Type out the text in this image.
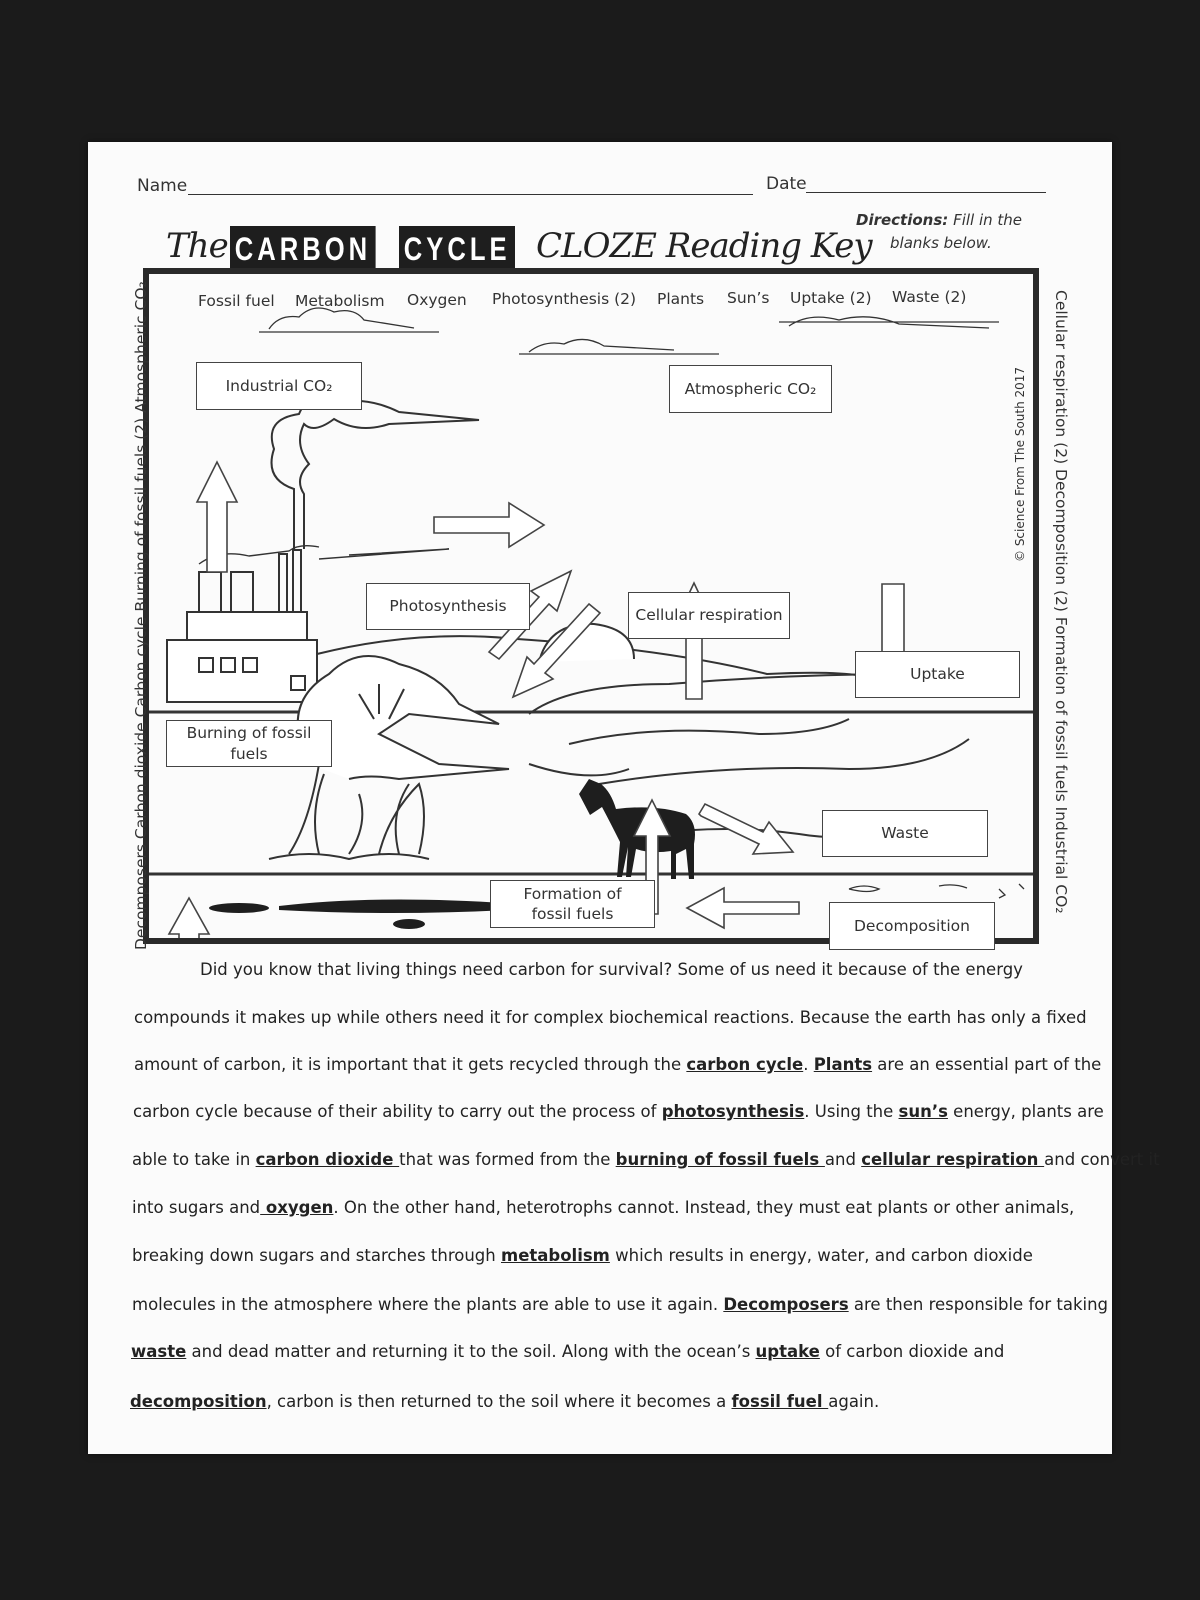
Name	Date
Directions: Fill in the
blanks below.
The CARBON CYCLE CLOZE Reading Key
Fossil fuel Metabolism Oxygen Photosynthesis (2) Plants Sun’s Uptake (2) Waste (2)
Decomposers Carbon dioxide Carbon cycle Burning of fossil fuels (2) Atmospheric CO₂	Cellular respiration (2) Decomposition (2) Formation of fossil fuels Industrial CO₂
© Science From The South 2017
Industrial CO₂	Atmospheric CO₂
Photosynthesis	Cellular respiration
Uptake
Burning of fossil fuels
Waste
Formation of fossil fuels
Decomposition
Did you know that living things need carbon for survival? Some of us need it because of the energy
compounds it makes up while others need it for complex biochemical reactions. Because the earth has only a fixed
amount of carbon, it is important that it gets recycled through the carbon cycle. Plants are an essential part of the
carbon cycle because of their ability to carry out the process of photosynthesis. Using the sun’s energy, plants are
able to take in carbon dioxide that was formed from the burning of fossil fuels and cellular respiration and convert it
into sugars and oxygen. On the other hand, heterotrophs cannot. Instead, they must eat plants or other animals,
breaking down sugars and starches through metabolism which results in energy, water, and carbon dioxide
molecules in the atmosphere where the plants are able to use it again. Decomposers are then responsible for taking
waste and dead matter and returning it to the soil. Along with the ocean’s uptake of carbon dioxide and
decomposition, carbon is then returned to the soil where it becomes a fossil fuel again.
